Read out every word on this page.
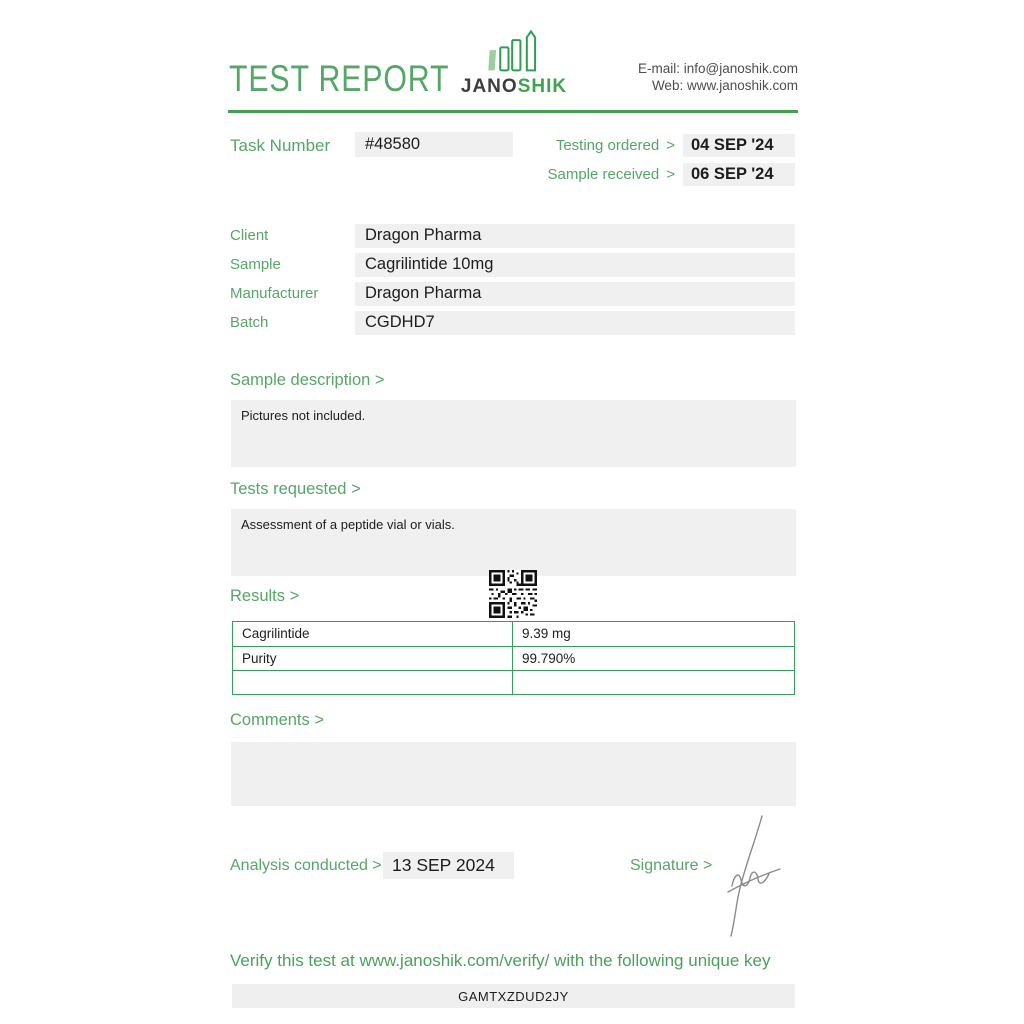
TEST REPORT JANOSHIK
E-mail: info@janoshik.com
Web: www.janoshik.com
Task Number	#48580	Testing ordered > 04 SEP '24
Sample received > 06 SEP '24
Client	Dragon Pharma
Sample	Cagrilintide 10mg
Manufacturer	Dragon Pharma
Batch	CGDHD7
Sample description >
Pictures not included.
Tests requested >
Assessment of a peptide vial or vials.
Results >
Cagrilintide	9.39 mg
Purity	99.790%
Comments >
Analysis conducted > 13 SEP 2024	Signature >
Verify this test at www.janoshik.com/verify/ with the following unique key
GAMTXZDUD2JY
